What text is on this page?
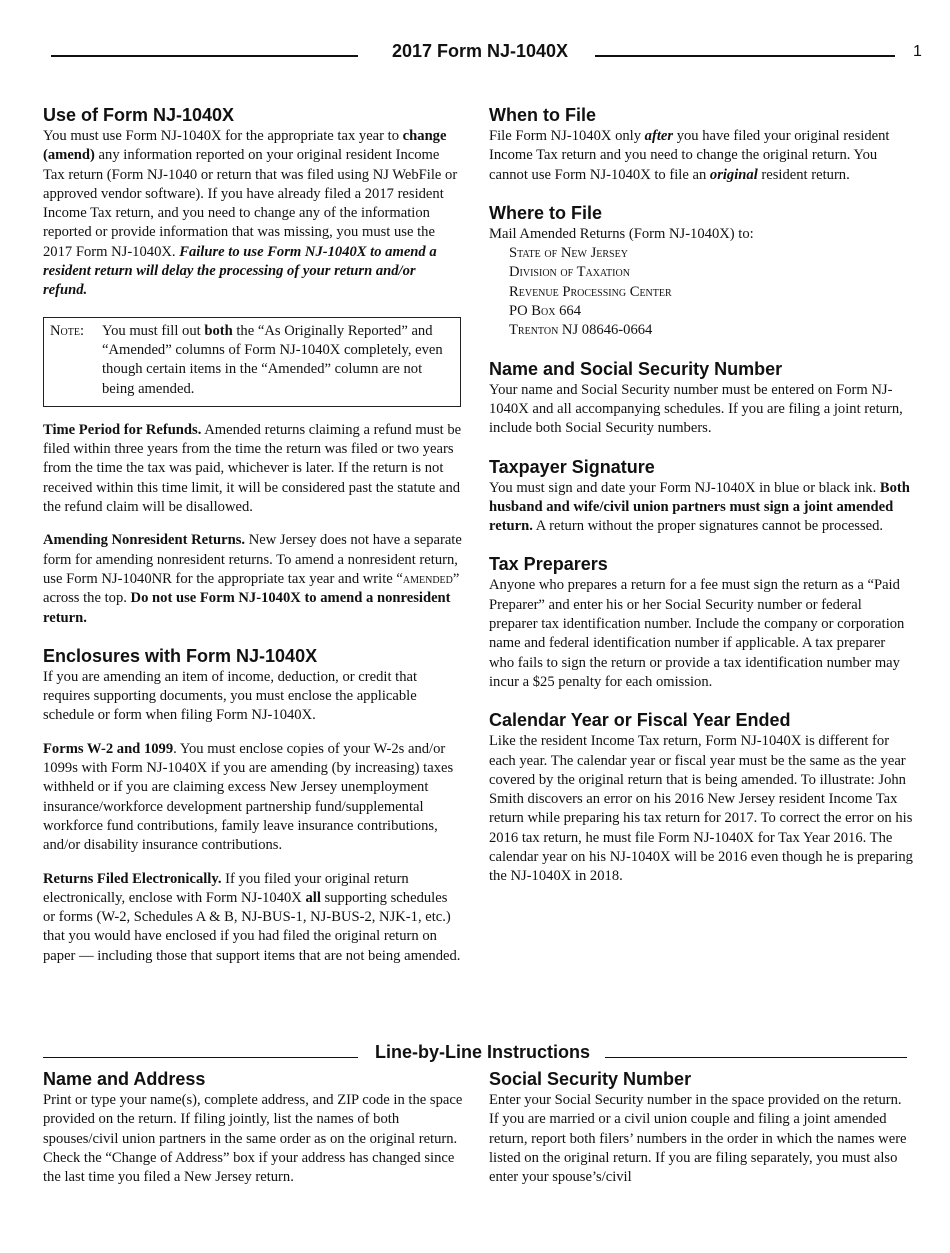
2017 Form NJ-1040X	1
Use of Form NJ-1040X

You must use Form NJ-1040X for the appropriate tax year to change (amend) any information reported on your original resident Income Tax return (Form NJ-1040 or return that was filed using NJ WebFile or approved vendor software). If you have already filed a 2017 resident Income Tax return, and you need to change any of the information reported or provide information that was missing, you must use the 2017 Form NJ-1040X. Failure to use Form NJ-1040X to amend a resident return will delay the processing of your return and/or refund.

Note:	You must fill out both the “As Originally Reported” and “Amended” columns of Form NJ-1040X completely, even though certain items in the “Amended” column are not being amended.

Time Period for Refunds. Amended returns claiming a refund must be filed within three years from the time the return was filed or two years from the time the tax was paid, whichever is later. If the return is not received within this time limit, it will be considered past the statute and the refund claim will be disallowed.

Amending Nonresident Returns. New Jersey does not have a separate form for amending nonresident returns. To amend a nonresident return, use Form NJ-1040NR for the appropriate tax year and write “amended” across the top. Do not use Form NJ-1040X to amend a nonresident return.

Enclosures with Form NJ-1040X

If you are amending an item of income, deduction, or credit that requires supporting documents, you must enclose the applicable schedule or form when filing Form NJ-1040X.

Forms W-2 and 1099. You must enclose copies of your W-2s and/or 1099s with Form NJ-1040X if you are amending (by increasing) taxes withheld or if you are claiming excess New Jersey unemployment insurance/workforce development partnership fund/supplemental workforce fund contributions, family leave insurance contributions, and/or disability insurance contributions.

Returns Filed Electronically. If you filed your original return electronically, enclose with Form NJ-1040X all supporting schedules or forms (W-2, Schedules A & B, NJ-BUS-1, NJ-BUS-2, NJK-1, etc.) that you would have enclosed if you had filed the original return on paper — including those that support items that are not being amended.

When to File

File Form NJ-1040X only after you have filed your original resident Income Tax return and you need to change the original return. You cannot use Form NJ-1040X to file an original resident return.

Where to File

Mail Amended Returns (Form NJ-1040X) to:

State of New Jersey

Division of Taxation

Revenue Processing Center

PO Box 664

Trenton NJ 08646-0664

Name and Social Security Number

Your name and Social Security number must be entered on Form NJ-1040X and all accompanying schedules. If you are filing a joint return, include both Social Security numbers.

Taxpayer Signature

You must sign and date your Form NJ-1040X in blue or black ink. Both husband and wife/civil union partners must sign a joint amended return. A return without the proper signatures cannot be processed.

Tax Preparers

Anyone who prepares a return for a fee must sign the return as a “Paid Preparer” and enter his or her Social Security number or federal preparer tax identification number. Include the company or corporation name and federal identification number if applicable. A tax preparer who fails to sign the return or provide a tax identification number may incur a $25 penalty for each omission.

Calendar Year or Fiscal Year Ended

Like the resident Income Tax return, Form NJ-1040X is different for each year. The calendar year or fiscal year must be the same as the year covered by the original return that is being amended. To illustrate: John Smith discovers an error on his 2016 New Jersey resident Income Tax return while preparing his tax return for 2017. To correct the error on his 2016 tax return, he must file Form NJ-1040X for Tax Year 2016. The calendar year on his NJ-1040X will be 2016 even though he is preparing the NJ-1040X in 2018.

Line-by-Line Instructions
Name and Address

Print or type your name(s), complete address, and ZIP code in the space provided on the return. If filing jointly, list the names of both spouses/civil union partners in the same order as on the original return. Check the “Change of Address” box if your address has changed since the last time you filed a New Jersey return.

Social Security Number

Enter your Social Security number in the space provided on the return. If you are married or a civil union couple and filing a joint amended return, report both filers’ numbers in the order in which the names were listed on the original return. If you are filing separately, you must also enter your spouse’s/civil
